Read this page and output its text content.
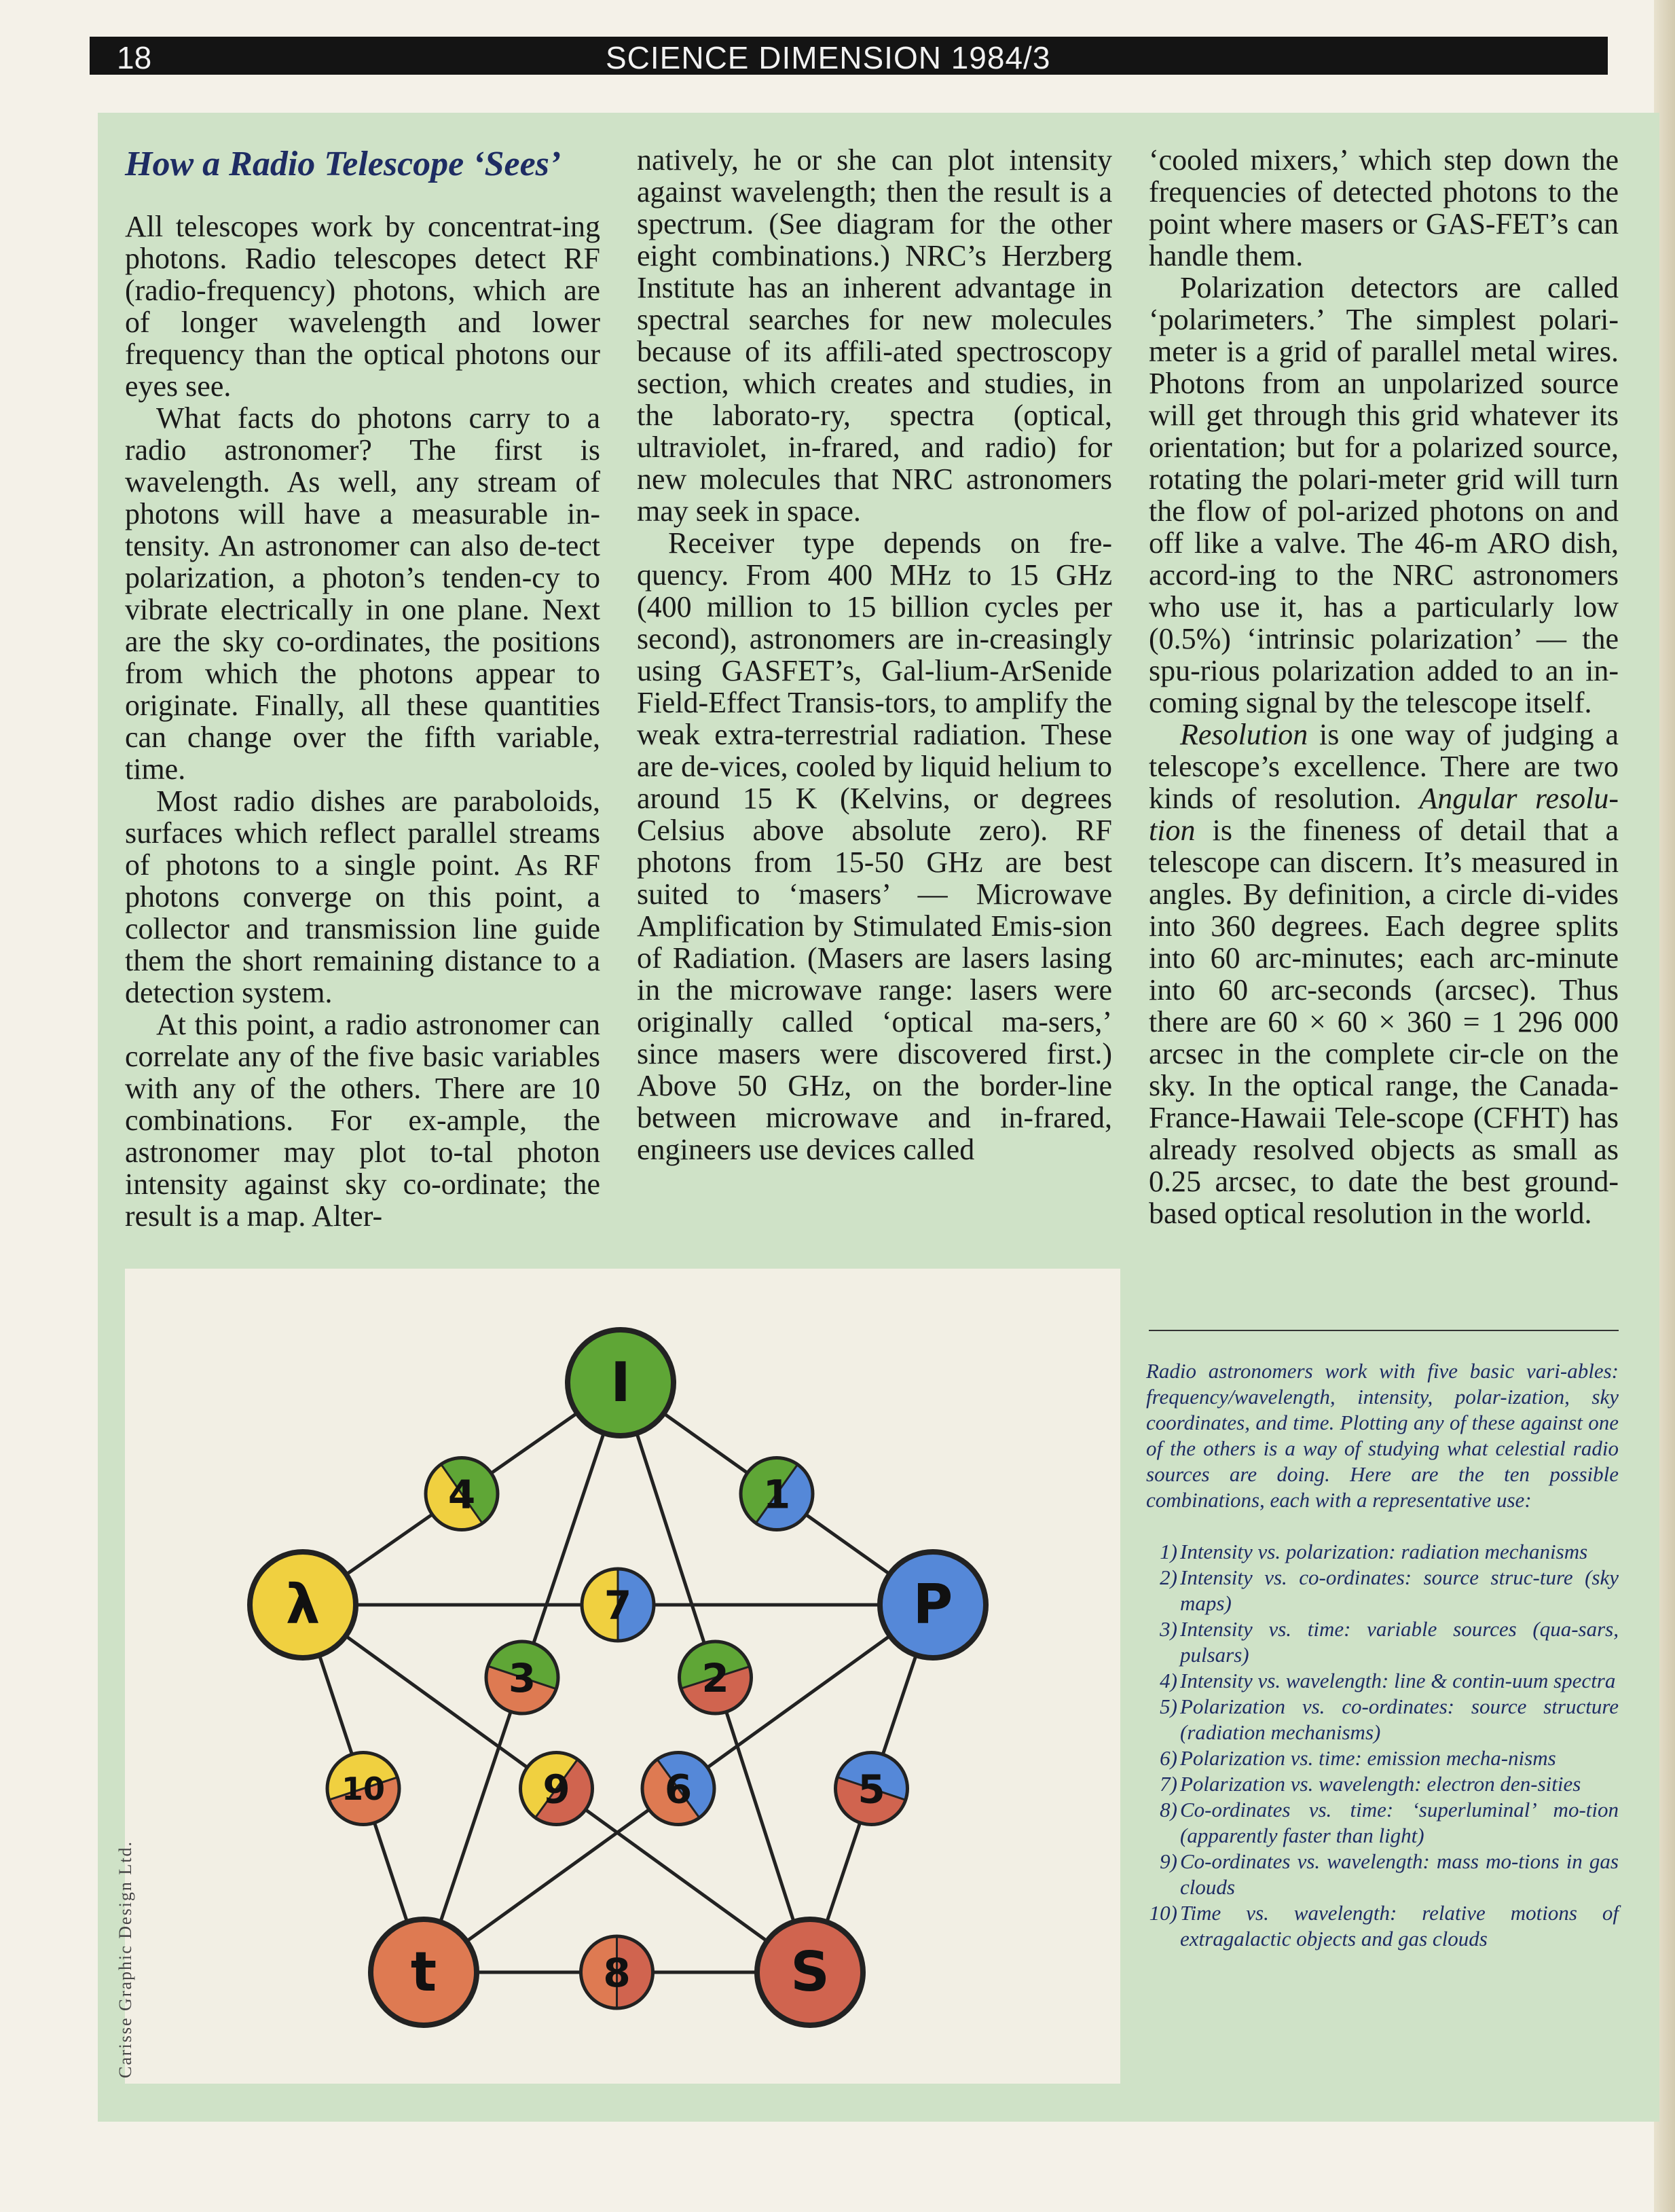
18	SCIENCE DIMENSION 1984/3
How a Radio Telescope ‘Sees’

All telescopes work by concentrat-ing photons. Radio telescopes detect RF (radio-frequency) photons, which are of longer wavelength and lower frequency than the optical photons our eyes see.

What facts do photons carry to a radio astronomer? The first is wavelength. As well, any stream of photons will have a measurable in-tensity. An astronomer can also de-tect polarization, a photon’s tenden-cy to vibrate electrically in one plane. Next are the sky co-ordinates, the positions from which the photons appear to originate. Finally, all these quantities can change over the fifth variable, time.

Most radio dishes are paraboloids, surfaces which reflect parallel streams of photons to a single point. As RF photons converge on this point, a collector and transmission line guide them the short remaining distance to a detection system.

At this point, a radio astronomer can correlate any of the five basic variables with any of the others. There are 10 combinations. For ex-ample, the astronomer may plot to-tal photon intensity against sky co-ordinate; the result is a map. Alter-

natively, he or she can plot intensity against wavelength; then the result is a spectrum. (See diagram for the other eight combinations.) NRC’s Herzberg Institute has an inherent advantage in spectral searches for new molecules because of its affili-ated spectroscopy section, which creates and studies, in the laborato-ry, spectra (optical, ultraviolet, in-frared, and radio) for new molecules that NRC astronomers may seek in space.

Receiver type depends on fre-quency. From 400 MHz to 15 GHz (400 million to 15 billion cycles per second), astronomers are in-creasingly using GASFET’s, Gal-lium-ArSenide Field-Effect Transis-tors, to amplify the weak extra-terrestrial radiation. These are de-vices, cooled by liquid helium to around 15 K (Kelvins, or degrees Celsius above absolute zero). RF photons from 15-50 GHz are best suited to ‘masers’ — Microwave Amplification by Stimulated Emis-sion of Radiation. (Masers are lasers lasing in the microwave range: lasers were originally called ‘optical ma-sers,’ since masers were discovered first.) Above 50 GHz, on the border-line between microwave and in-frared, engineers use devices called

‘cooled mixers,’ which step down the frequencies of detected photons to the point where masers or GAS-FET’s can handle them.

Polarization detectors are called ‘polarimeters.’ The simplest polari-meter is a grid of parallel metal wires. Photons from an unpolarized source will get through this grid whatever its orientation; but for a polarized source, rotating the polari-meter grid will turn the flow of pol-arized photons on and off like a valve. The 46-m ARO dish, accord-ing to the NRC astronomers who use it, has a particularly low (0.5%) ‘intrinsic polarization’ — the spu-rious polarization added to an in-coming signal by the telescope itself.

Resolution is one way of judging a telescope’s excellence. There are two kinds of resolution. Angular resolu-tion is the fineness of detail that a telescope can discern. It’s measured in angles. By definition, a circle di-vides into 360 degrees. Each degree splits into 60 arc-minutes; each arc-minute into 60 arc-seconds (arcsec). Thus there are 60 × 60 × 360 = 1 296 000 arcsec in the complete cir-cle on the sky. In the optical range, the Canada-France-Hawaii Tele-scope (CFHT) has already resolved objects as small as 0.25 arcsec, to date the best ground-based optical resolution in the world.

1
2
3
4
5
6
7
8
9
10
I
P
λ
t	S
Carisse Graphic Design Ltd.

Radio astronomers work with five basic vari-ables: frequency/wavelength, intensity, polar-ization, sky coordinates, and time. Plotting any of these against one of the others is a way of studying what celestial radio sources are doing. Here are the ten possible combinations, each with a representative use:

1) Intensity vs. polarization: radiation mechanisms
2) Intensity vs. co-ordinates: source struc-ture (sky maps)
3) Intensity vs. time: variable sources (qua-sars, pulsars)
4) Intensity vs. wavelength: line & contin-uum spectra
5) Polarization vs. co-ordinates: source structure (radiation mechanisms)
6) Polarization vs. time: emission mecha-nisms
7) Polarization vs. wavelength: electron den-sities
8) Co-ordinates vs. time: ‘superluminal’ mo-tion (apparently faster than light)
9) Co-ordinates vs. wavelength: mass mo-tions in gas clouds
10) Time vs. wavelength: relative motions of extragalactic objects and gas clouds
